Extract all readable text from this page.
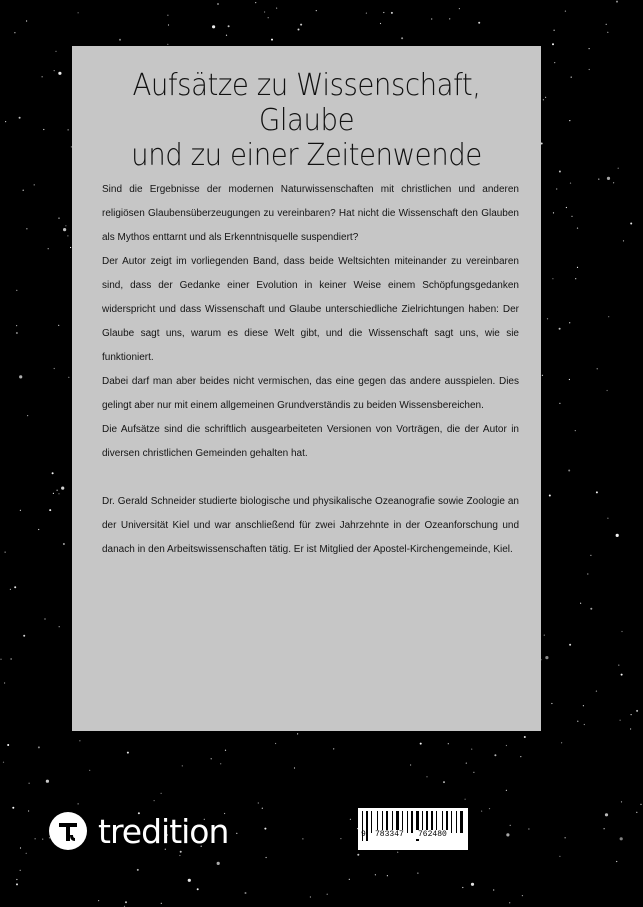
Aufsätze zu Wissenschaft, Glaube
und zu einer Zeitenwende

Sind die Ergebnisse der modernen Naturwissenschaften mit christlichen und anderen religiösen Glaubensüberzeugungen zu vereinbaren? Hat nicht die Wissenschaft den Glauben als Mythos enttarnt und als Erkenntnisquelle suspendiert?

Der Autor zeigt im vorliegenden Band, dass beide Weltsichten miteinander zu vereinbaren sind, dass der Gedanke einer Evolution in keiner Weise einem Schöpfungsgedanken widerspricht und dass Wissenschaft und Glaube unterschiedliche Zielrichtungen haben: Der Glaube sagt uns, warum es diese Welt gibt, und die Wissenschaft sagt uns, wie sie funktioniert.

Dabei darf man aber beides nicht vermischen, das eine gegen das andere ausspielen. Dies gelingt aber nur mit einem allgemeinen Grundverständis zu beiden Wissensbereichen.

Die Aufsätze sind die schriftlich ausgearbeiteten Versionen von Vorträgen, die der Autor in diversen christlichen Gemeinden gehalten hat.

Dr. Gerald Schneider studierte biologische und physikalische Ozeanografie sowie Zoologie an der Universität Kiel und war anschließend für zwei Jahrzehnte in der Ozeanforschung und danach in den Arbeitswissenschaften tätig. Er ist Mitglied der Apostel-Kirchengemeinde, Kiel.

tredition	9 783347 762480
